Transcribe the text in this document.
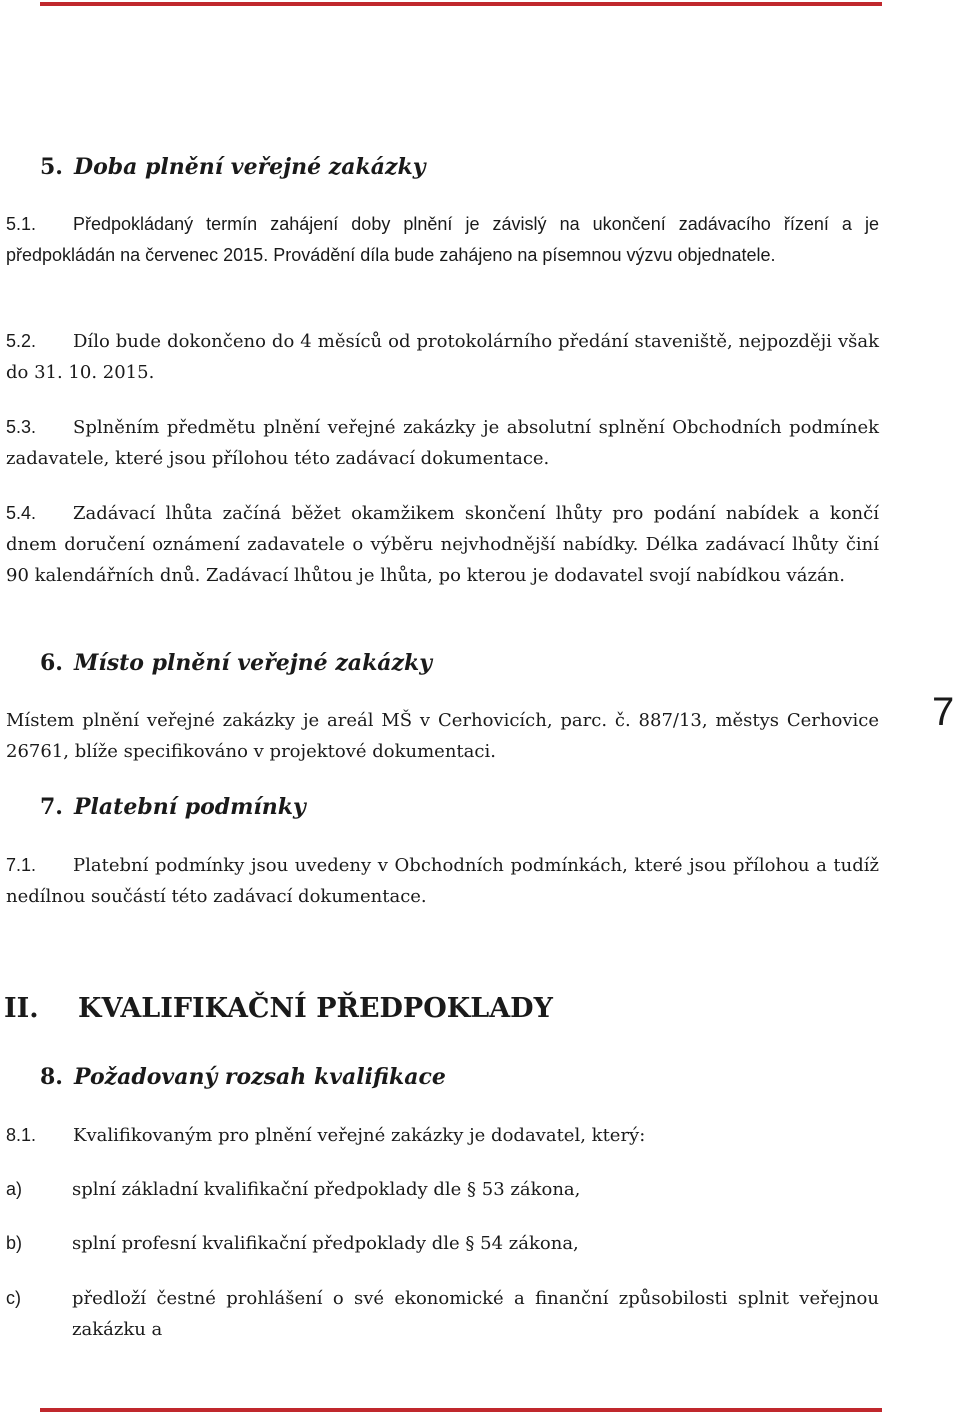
5. Doba plnění veřejné zakázky
5.1. Předpokládaný termín zahájení doby plnění je závislý na ukončení zadávacího řízení a je předpokládán na červenec 2015. Provádění díla bude zahájeno na písemnou výzvu objednatele.
5.2. Dílo bude dokončeno do 4 měsíců od protokolárního předání staveniště, nejpozději však do 31. 10. 2015.
5.3. Splněním předmětu plnění veřejné zakázky je absolutní splnění Obchodních podmínek zadavatele, které jsou přílohou této zadávací dokumentace.
5.4. Zadávací lhůta začíná běžet okamžikem skončení lhůty pro podání nabídek a končí dnem doručení oznámení zadavatele o výběru nejvhodnější nabídky. Délka zadávací lhůty činí 90 kalendářních dnů. Zadávací lhůtou je lhůta, po kterou je dodavatel svojí nabídkou vázán.
6. Místo plnění veřejné zakázky
Místem plnění veřejné zakázky je areál MŠ v Cerhovicích, parc. č. 887/13, městys Cerhovice 26761, blíže specifikováno v projektové dokumentaci.
7
7. Platební podmínky
7.1. Platební podmínky jsou uvedeny v Obchodních podmínkách, které jsou přílohou a tudíž nedílnou součástí této zadávací dokumentace.
II. KVALIFIKAČNÍ PŘEDPOKLADY
8. Požadovaný rozsah kvalifikace
8.1. Kvalifikovaným pro plnění veřejné zakázky je dodavatel, který:
a)	splní základní kvalifikační předpoklady dle § 53 zákona,
b)	splní profesní kvalifikační předpoklady dle § 54 zákona,
c)	předloží čestné prohlášení o své ekonomické a finanční způsobilosti splnit veřejnou zakázku a
